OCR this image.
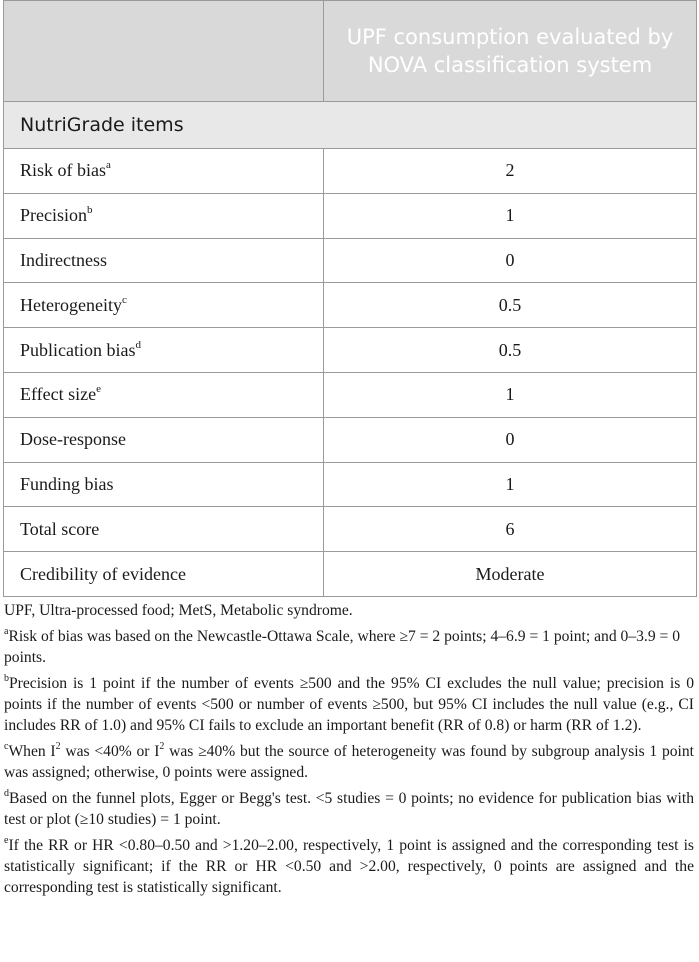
	UPF consumption evaluated by NOVA classification system
NutriGrade items	
Risk of bias$^a$	2
Precision$^b$	1
Indirectness	0
Heterogeneity$^c$	0.5
Publication bias$^d$	0.5
Effect size$^e$	1
Dose-response	0
Funding bias	1
Total score	6
Credibility of evidence	Moderate

UPF, Ultra-processed food; MetS, Metabolic syndrome.

$^a$Risk of bias was based on the Newcastle-Ottawa Scale, where ≥7 = 2 points; 4–6.9 = 1 point; and 0–3.9 = 0 points.

$^b$Precision is 1 point if the number of events ≥500 and the 95% CI excludes the null value; precision is 0 points if the number of events <500 or number of events ≥500, but 95% CI includes the null value (e.g., CI includes RR of 1.0) and 95% CI fails to exclude an important benefit (RR of 0.8) or harm (RR of 1.2).

$^c$When $I^2$ was <40% or $I^2$ was ≥40% but the source of heterogeneity was found by subgroup analysis 1 point was assigned; otherwise, 0 points were assigned.

$^d$Based on the funnel plots, Egger or Begg's test. <5 studies = 0 points; no evidence for publication bias with test or plot (≥10 studies) = 1 point.

$^e$If the RR or HR <0.80–0.50 and >1.20–2.00, respectively, 1 point is assigned and the corresponding test is statistically significant; if the RR or HR <0.50 and >2.00, respectively, 0 points are assigned and the corresponding test is statistically significant.
